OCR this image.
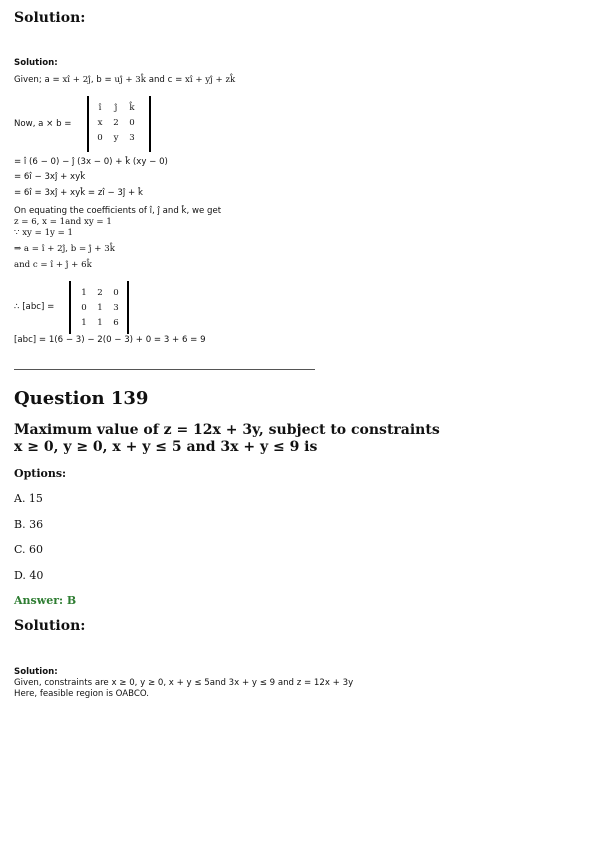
Solution:
Solution:
Given; a = xî + 2ĵ, b = uĵ + 3k̂ and c = xî + yĵ + zk̂
Now, a × b =
î	ĵ	k̂
x 2 0
0 y 3
= î (6 − 0) − ĵ (3x − 0) + k̂ (xy − 0)
= 6î − 3xĵ + xyk̂
= 6î = 3xĵ + xyk̂ = zî − 3ĵ + k̂
On equating the coefficients of î, ĵ and k̂, we get
z = 6, x = 1and xy = 1
∵ xy = 1y = 1
⇒ a = î + 2ĵ, b = ĵ + 3k̂
and c = î + ĵ + 6k̂
∴ [abc] =
1 2 0
0 1 3
1 1 6
[abc] = 1(6 − 3) − 2(0 − 3) + 0 = 3 + 6 = 9
Question 139
Maximum value of z = 12x + 3y, subject to constraints
x ≥ 0, y ≥ 0, x + y ≤ 5 and 3x + y ≤ 9 is
Options:
A. 15
B. 36
C. 60
D. 40
Answer: B
Solution:
Solution:
Given, constraints are x ≥ 0, y ≥ 0, x + y ≤ 5and 3x + y ≤ 9 and z = 12x + 3y
Here, feasible region is OABCO.
